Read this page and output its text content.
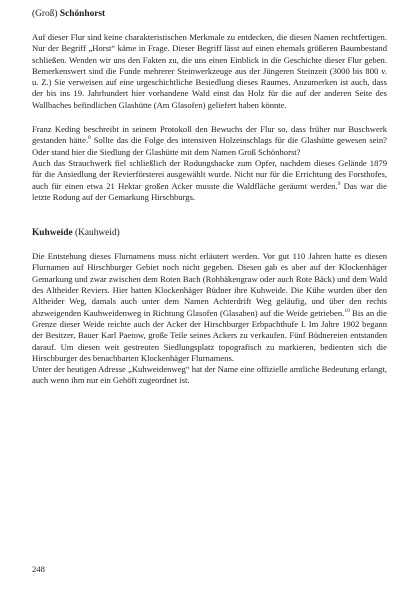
(Groß) Schönhorst

Auf dieser Flur sind keine charakteristischen Merkmale zu entdecken, die diesen Namen rechtfertigen. Nur der Begriff „Horst“ käme in Frage. Dieser Begriff lässt auf einen ehemals größeren Baumbestand schließen. Wenden wir uns den Fakten zu, die uns einen Einblick in die Geschichte dieser Flur geben. Bemerkenswert sind die Funde mehrerer Steinwerkzeuge aus der Jüngeren Steinzeit (3000 bis 800 v. u. Z.) Sie verweisen auf eine urgeschichtliche Besiedlung dieses Raumes. Anzumerken ist auch, dass der bis ins 19. Jahrhundert hier vorhandene Wald einst das Holz für die auf der anderen Seite des Wallbaches befindlichen Glashütte (Am Glasofen) geliefert haben könnte.

Franz Keding beschreibt in seinem Protokoll den Bewuchs der Flur so, dass früher nur Buschwerk gestanden hätte.$^8$ Sollte das die Folge des intensiven Holzeinschlags für die Glashütte gewesen sein? Oder stand hier die Siedlung der Glashütte mit dem Namen Groß Schönhorst?

Auch das Strauchwerk fiel schließlich der Rodungshacke zum Opfer, nachdem dieses Gelände 1879 für die Ansiedlung der Revierförsterei ausgewählt wurde. Nicht nur für die Errichtung des Forsthofes, auch für einen etwa 21 Hektar großen Acker musste die Waldfläche geräumt werden.$^9$ Das war die letzte Rodung auf der Gemarkung Hirschburgs.

Kuhweide (Kauhweid)

Die Entstehung dieses Flurnamens muss nicht erläutert werden. Vor gut 110 Jahren hatte es diesen Flurnamen auf Hirschburger Gebiet noch nicht gegeben. Diesen gab es aber auf der Klockenhäger Gemarkung und zwar zwischen dem Roten Bach (Rohbäkengraw oder auch Rote Bäck) und dem Wald des Altheider Reviers. Hier hatten Klockenhäger Büdner ihre Kuhweide. Die Kühe wurden über den Altheider Weg, damals auch unter dem Namen Achterdrift Weg geläufig, und über den rechts abzweigenden Kauhweidenweg in Richtung Glasofen (Glasaben) auf die Weide getrieben.$^{10}$ Bis an die Grenze dieser Weide reichte auch der Acker der Hirschburger Erbpachthufe I. Im Jahre 1902 begann der Besitzer, Bauer Karl Paetow, große Teile seines Ackers zu verkaufen. Fünf Büdnereien entstanden darauf. Um diesen weit gestreuten Siedlungsplatz topografisch zu markieren, bedienten sich die Hirschburger des benachbarten Klockenhäger Flurnamens.

Unter der heutigen Adresse „Kuhweidenweg“ hat der Name eine offizielle amtliche Bedeutung erlangt, auch wenn ihm nur ein Gehöft zugeordnet ist.

248
